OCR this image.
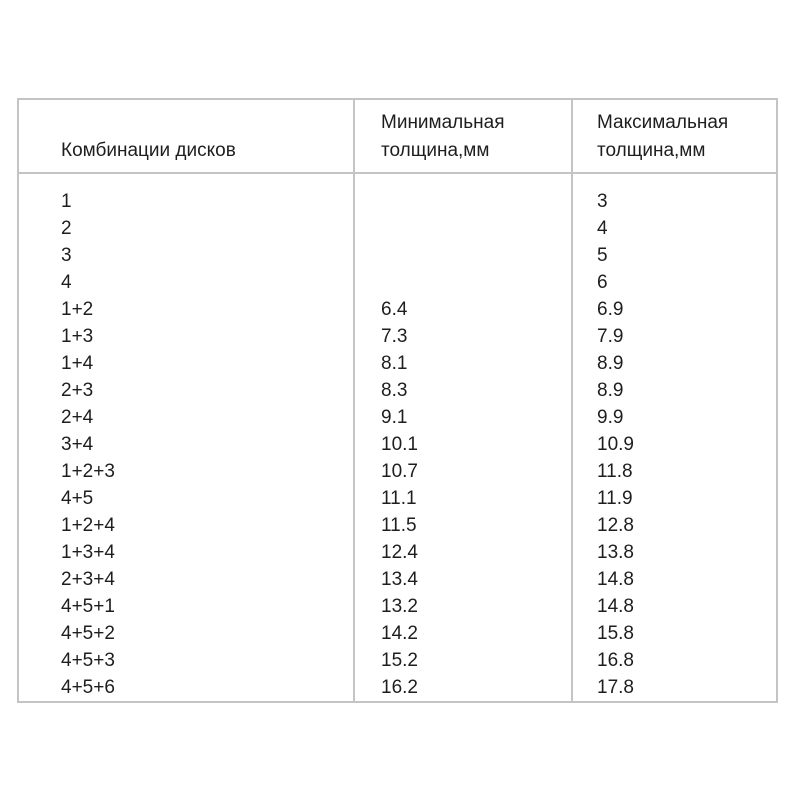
Комбинации дисков
Минимальная
толщина,мм
Максимальная
толщина,мм
1
2
3
4
1+2
1+3
1+4
2+3
2+4
3+4
1+2+3
4+5
1+2+4
1+3+4
2+3+4
4+5+1
4+5+2
4+5+3
4+5+6
6.4
7.3
8.1
8.3
9.1
10.1
10.7
11.1
11.5
12.4
13.4
13.2
14.2
15.2
16.2
3
4
5
6
6.9
7.9
8.9
8.9
9.9
10.9
11.8
11.9
12.8
13.8
14.8
14.8
15.8
16.8
17.8
